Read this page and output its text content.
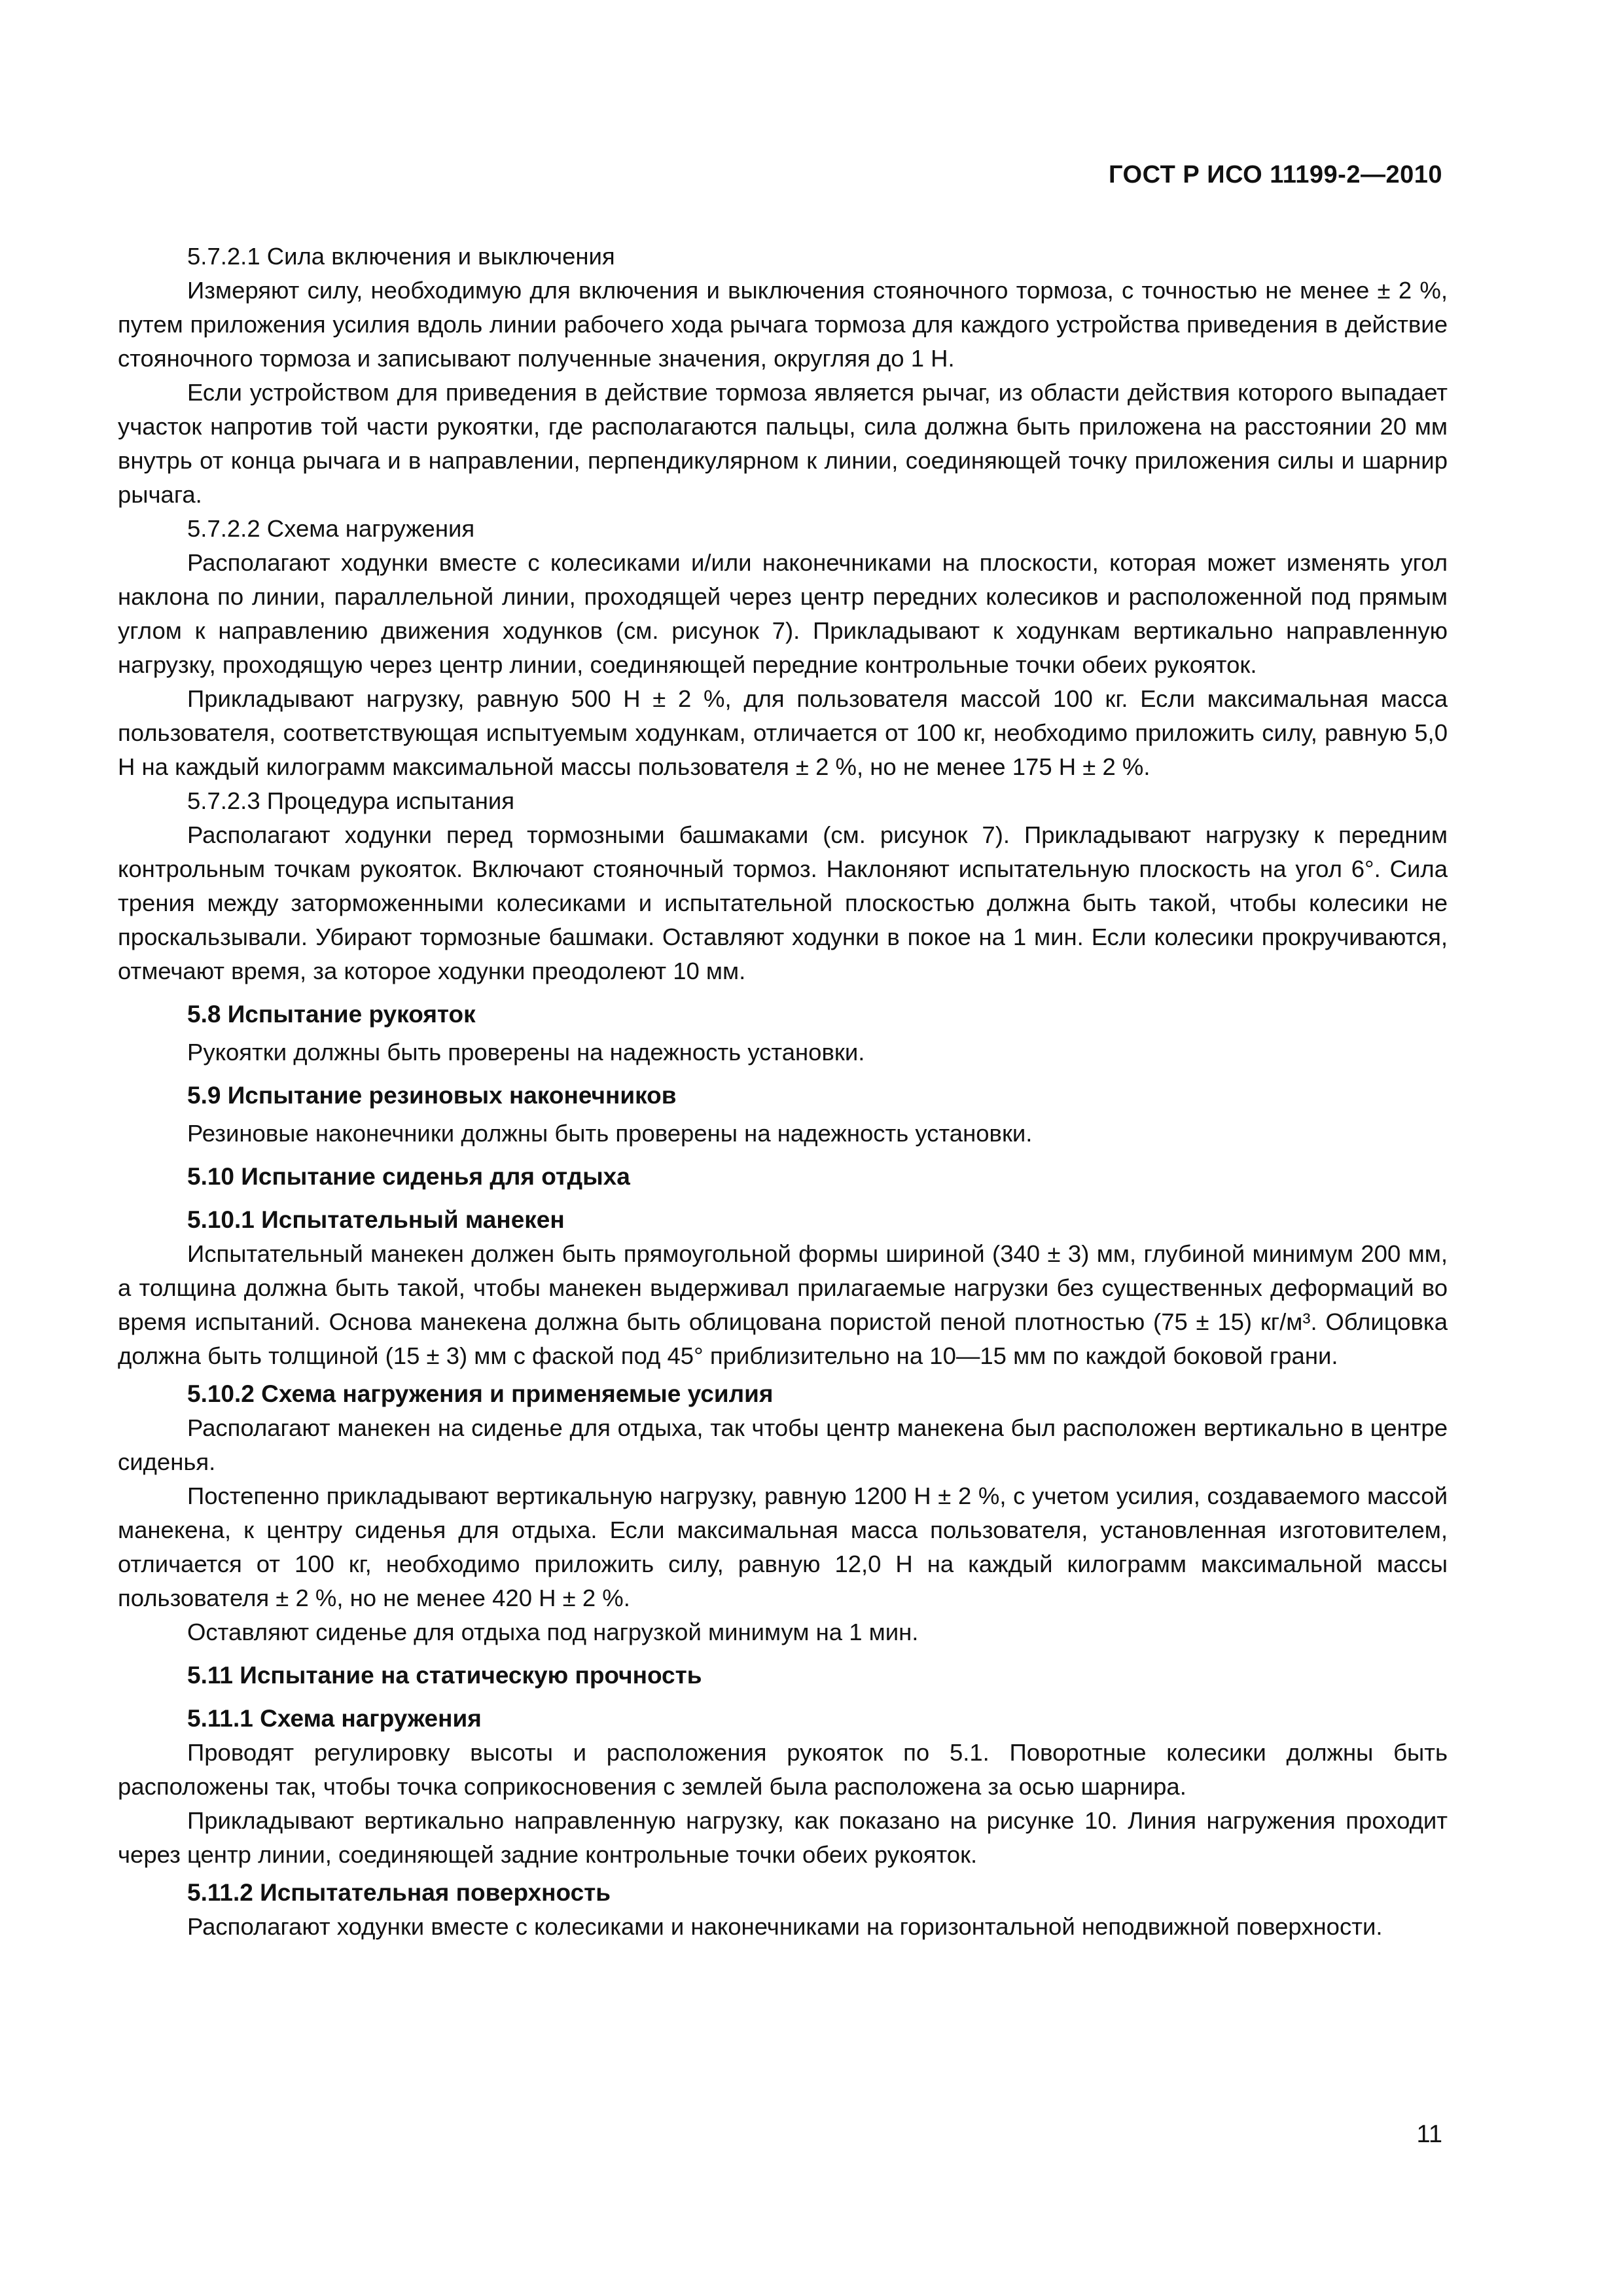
ГОСТ Р ИСО 11199-2—2010
5.7.2.1 Сила включения и выключения
Измеряют силу, необходимую для включения и выключения стояночного тормоза, с точностью не менее ± 2 %, путем приложения усилия вдоль линии рабочего хода рычага тормоза для каждого устройства приведения в действие стояночного тормоза и записывают полученные значения, округляя до 1 Н.
Если устройством для приведения в действие тормоза является рычаг, из области действия которого выпадает участок напротив той части рукоятки, где располагаются пальцы, сила должна быть приложена на расстоянии 20 мм внутрь от конца рычага и в направлении, перпендикулярном к линии, соединяющей точку приложения силы и шарнир рычага.
5.7.2.2 Схема нагружения
Располагают ходунки вместе с колесиками и/или наконечниками на плоскости, которая может изменять угол наклона по линии, параллельной линии, проходящей через центр передних колесиков и расположенной под прямым углом к направлению движения ходунков (см. рисунок 7). Прикладывают к ходункам вертикально направленную нагрузку, проходящую через центр линии, соединяющей передние контрольные точки обеих рукояток.
Прикладывают нагрузку, равную 500 Н ± 2 %, для пользователя массой 100 кг. Если максимальная масса пользователя, соответствующая испытуемым ходункам, отличается от 100 кг, необходимо приложить силу, равную 5,0 Н на каждый килограмм максимальной массы пользователя ± 2 %, но не менее 175 Н ± 2 %.
5.7.2.3 Процедура испытания
Располагают ходунки перед тормозными башмаками (см. рисунок 7). Прикладывают нагрузку к передним контрольным точкам рукояток. Включают стояночный тормоз. Наклоняют испытательную плоскость на угол 6°. Сила трения между заторможенными колесиками и испытательной плоскостью должна быть такой, чтобы колесики не проскальзывали. Убирают тормозные башмаки. Оставляют ходунки в покое на 1 мин. Если колесики прокручиваются, отмечают время, за которое ходунки преодолеют 10 мм.
5.8 Испытание рукояток
Рукоятки должны быть проверены на надежность установки.
5.9 Испытание резиновых наконечников
Резиновые наконечники должны быть проверены на надежность установки.
5.10 Испытание сиденья для отдыха
5.10.1 Испытательный манекен
Испытательный манекен должен быть прямоугольной формы шириной (340 ± 3) мм, глубиной минимум 200 мм, а толщина должна быть такой, чтобы манекен выдерживал прилагаемые нагрузки без существенных деформаций во время испытаний. Основа манекена должна быть облицована пористой пеной плотностью (75 ± 15) кг/м³. Облицовка должна быть толщиной (15 ± 3) мм с фаской под 45° приблизительно на 10—15 мм по каждой боковой грани.
5.10.2 Схема нагружения и применяемые усилия
Располагают манекен на сиденье для отдыха, так чтобы центр манекена был расположен вертикально в центре сиденья.
Постепенно прикладывают вертикальную нагрузку, равную 1200 Н ± 2 %, с учетом усилия, создаваемого массой манекена, к центру сиденья для отдыха. Если максимальная масса пользователя, установленная изготовителем, отличается от 100 кг, необходимо приложить силу, равную 12,0 Н на каждый килограмм максимальной массы пользователя ± 2 %, но не менее 420 Н ± 2 %.
Оставляют сиденье для отдыха под нагрузкой минимум на 1 мин.
5.11 Испытание на статическую прочность
5.11.1 Схема нагружения
Проводят регулировку высоты и расположения рукояток по 5.1. Поворотные колесики должны быть расположены так, чтобы точка соприкосновения с землей была расположена за осью шарнира.
Прикладывают вертикально направленную нагрузку, как показано на рисунке 10. Линия нагружения проходит через центр линии, соединяющей задние контрольные точки обеих рукояток.
5.11.2 Испытательная поверхность
Располагают ходунки вместе с колесиками и наконечниками на горизонтальной неподвижной поверхности.
11
